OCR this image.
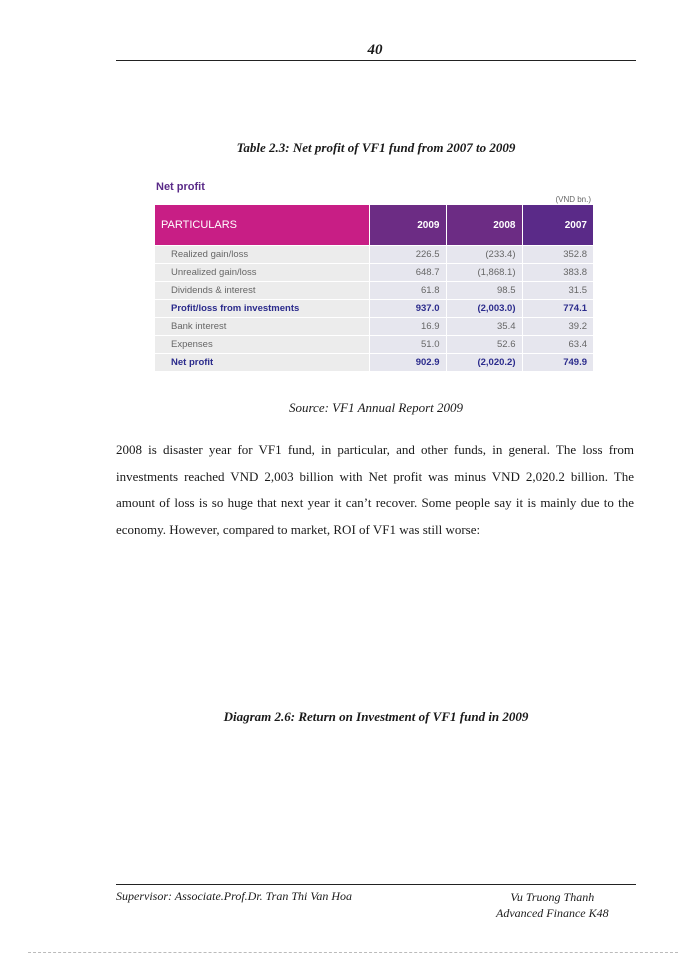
40
Table 2.3: Net profit of VF1 fund from 2007 to 2009
Net profit
(VND bn.)
PARTICULARS	2009	2008	2007
Realized gain/loss	226.5	(233.4)	352.8
Unrealized gain/loss	648.7	(1,868.1)	383.8
Dividends & interest	61.8	98.5	31.5
Profit/loss from investments	937.0	(2,003.0)	774.1
Bank interest	16.9	35.4	39.2
Expenses	51.0	52.6	63.4
Net profit	902.9	(2,020.2)	749.9
Source: VF1 Annual Report 2009

2008 is disaster year for VF1 fund, in particular, and other funds, in general. The loss from investments reached VND 2,003 billion with Net profit was minus VND 2,020.2 billion. The amount of loss is so huge that next year it can’t recover. Some people say it is mainly due to the economy. However, compared to market, ROI of VF1 was still worse:

Diagram 2.6: Return on Investment of VF1 fund in 2009
Supervisor: Associate.Prof.Dr. Tran Thi Van Hoa	Vu Truong Thanh
Advanced Finance K48
